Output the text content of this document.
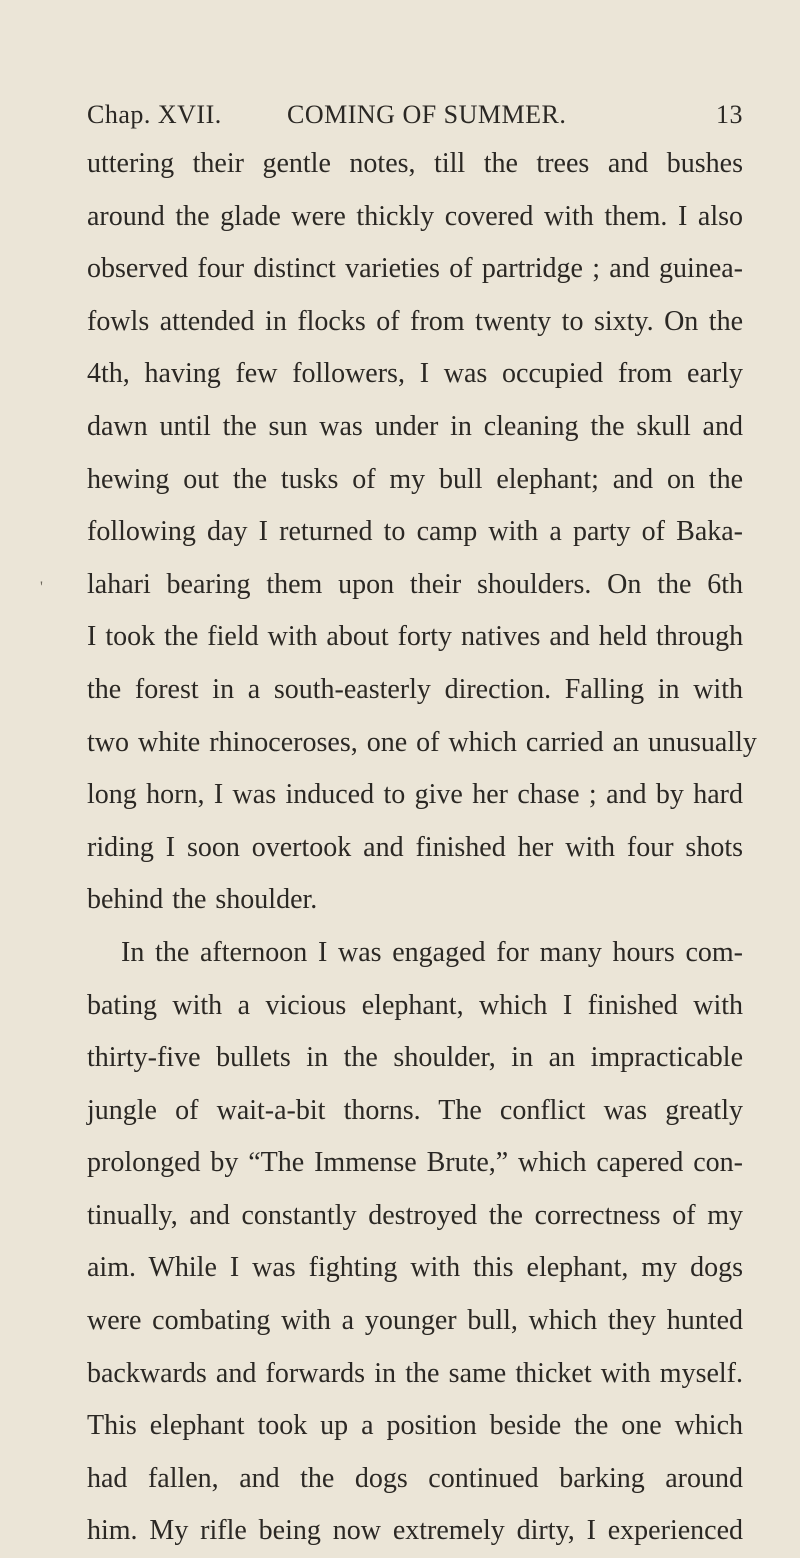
Chap. XVII.	COMING OF SUMMER.	13
'
uttering their gentle notes, till the trees and bushes
around the glade were thickly covered with them. I also
observed four distinct varieties of partridge ; and guinea-
fowls attended in flocks of from twenty to sixty. On the
4th, having few followers, I was occupied from early
dawn until the sun was under in cleaning the skull and
hewing out the tusks of my bull elephant; and on the
following day I returned to camp with a party of Baka-
lahari bearing them upon their shoulders. On the 6th
I took the field with about forty natives and held through
the forest in a south-easterly direction. Falling in with
two white rhinoceroses, one of which carried an unusually
long horn, I was induced to give her chase ; and by hard
riding I soon overtook and finished her with four shots
behind the shoulder.
In the afternoon I was engaged for many hours com-
bating with a vicious elephant, which I finished with
thirty-five bullets in the shoulder, in an impracticable
jungle of wait-a-bit thorns. The conflict was greatly
prolonged by “The Immense Brute,” which capered con-
tinually, and constantly destroyed the correctness of my
aim. While I was fighting with this elephant, my dogs
were combating with a younger bull, which they hunted
backwards and forwards in the same thicket with myself.
This elephant took up a position beside the one which
had fallen, and the dogs continued barking around
him. My rifle being now extremely dirty, I experienced
